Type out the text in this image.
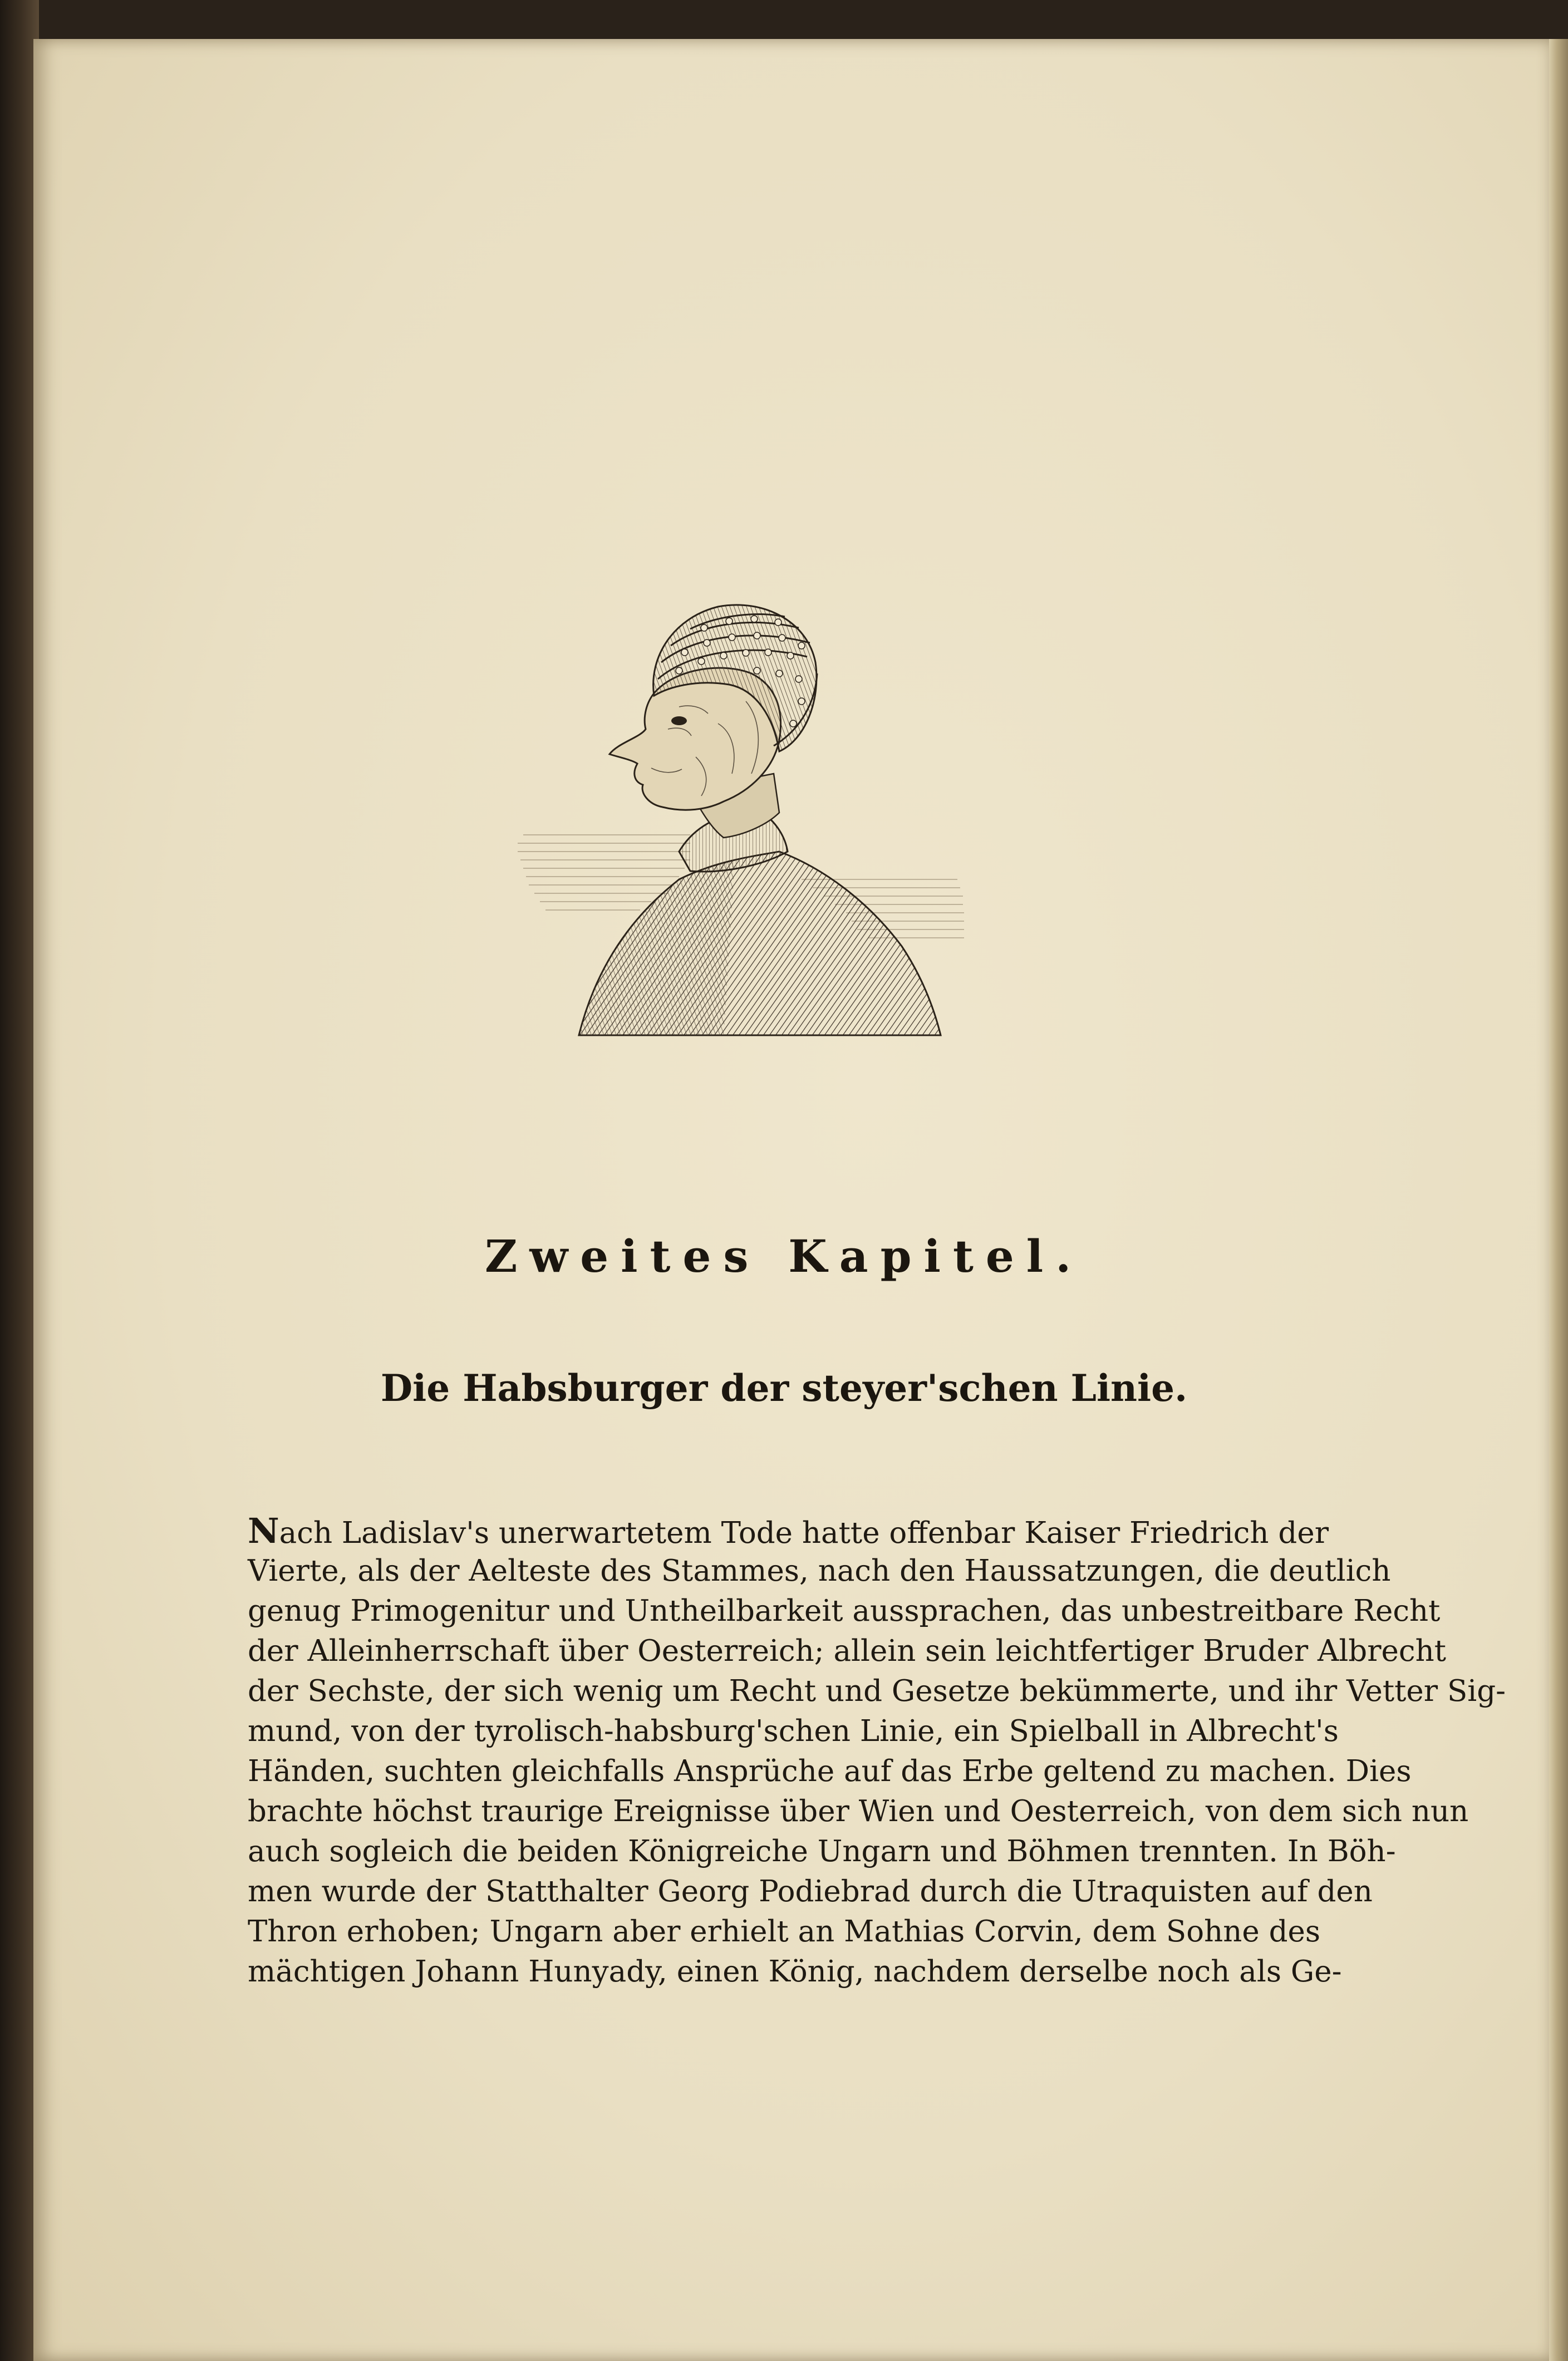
Zweites Kapitel.
Die Habsburger der steyer'schen Linie.
Nach Ladislav's unerwartetem Tode hatte offenbar Kaiser Friedrich der
Vierte, als der Aelteste des Stammes, nach den Haussatzungen, die deutlich
genug Primogenitur und Untheilbarkeit aussprachen, das unbestreitbare Recht
der Alleinherrschaft über Oesterreich; allein sein leichtfertiger Bruder Albrecht
der Sechste, der sich wenig um Recht und Gesetze bekümmerte, und ihr Vetter Sig-
mund, von der tyrolisch-habsburg'schen Linie, ein Spielball in Albrecht's
Händen, suchten gleichfalls Ansprüche auf das Erbe geltend zu machen. Dies
brachte höchst traurige Ereignisse über Wien und Oesterreich, von dem sich nun
auch sogleich die beiden Königreiche Ungarn und Böhmen trennten. In Böh-
men wurde der Statthalter Georg Podiebrad durch die Utraquisten auf den
Thron erhoben; Ungarn aber erhielt an Mathias Corvin, dem Sohne des
mächtigen Johann Hunyady, einen König, nachdem derselbe noch als Ge-
